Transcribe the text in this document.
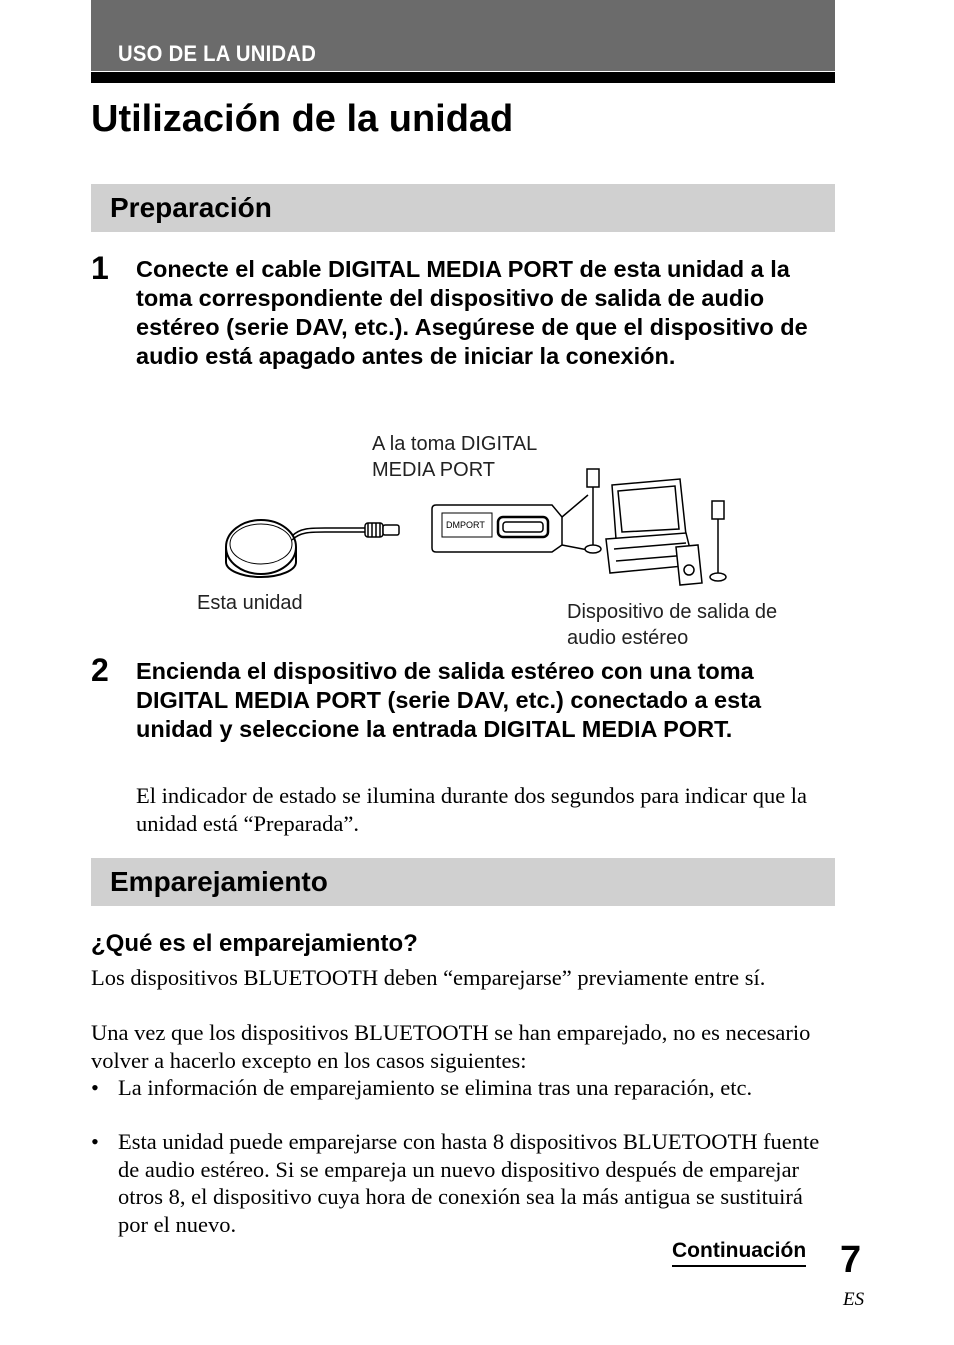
USO DE LA UNIDAD
Utilización de la unidad
Preparación
1 Conecte el cable DIGITAL MEDIA PORT de esta unidad a la toma correspondiente del dispositivo de salida de audio estéreo (serie DAV, etc.). Asegúrese de que el dispositivo de audio está apagado antes de iniciar la conexión.
A la toma DIGITAL MEDIA PORT
DMPORT
Esta unidad	Dispositivo de salida de audio estéreo
2 Encienda el dispositivo de salida estéreo con una toma DIGITAL MEDIA PORT (serie DAV, etc.) conectado a esta unidad y seleccione la entrada DIGITAL MEDIA PORT.
El indicador de estado se ilumina durante dos segundos para indicar que la unidad está “Preparada”.
Emparejamiento
¿Qué es el emparejamiento?
Los dispositivos BLUETOOTH deben “emparejarse” previamente entre sí.
Una vez que los dispositivos BLUETOOTH se han emparejado, no es necesario volver a hacerlo excepto en los casos siguientes:
• La información de emparejamiento se elimina tras una reparación, etc.
• Esta unidad puede emparejarse con hasta 8 dispositivos BLUETOOTH fuente de audio estéreo. Si se empareja un nuevo dispositivo después de emparejar otros 8, el dispositivo cuya hora de conexión sea la más antigua se sustituirá por el nuevo.
Continuación 7
ES
